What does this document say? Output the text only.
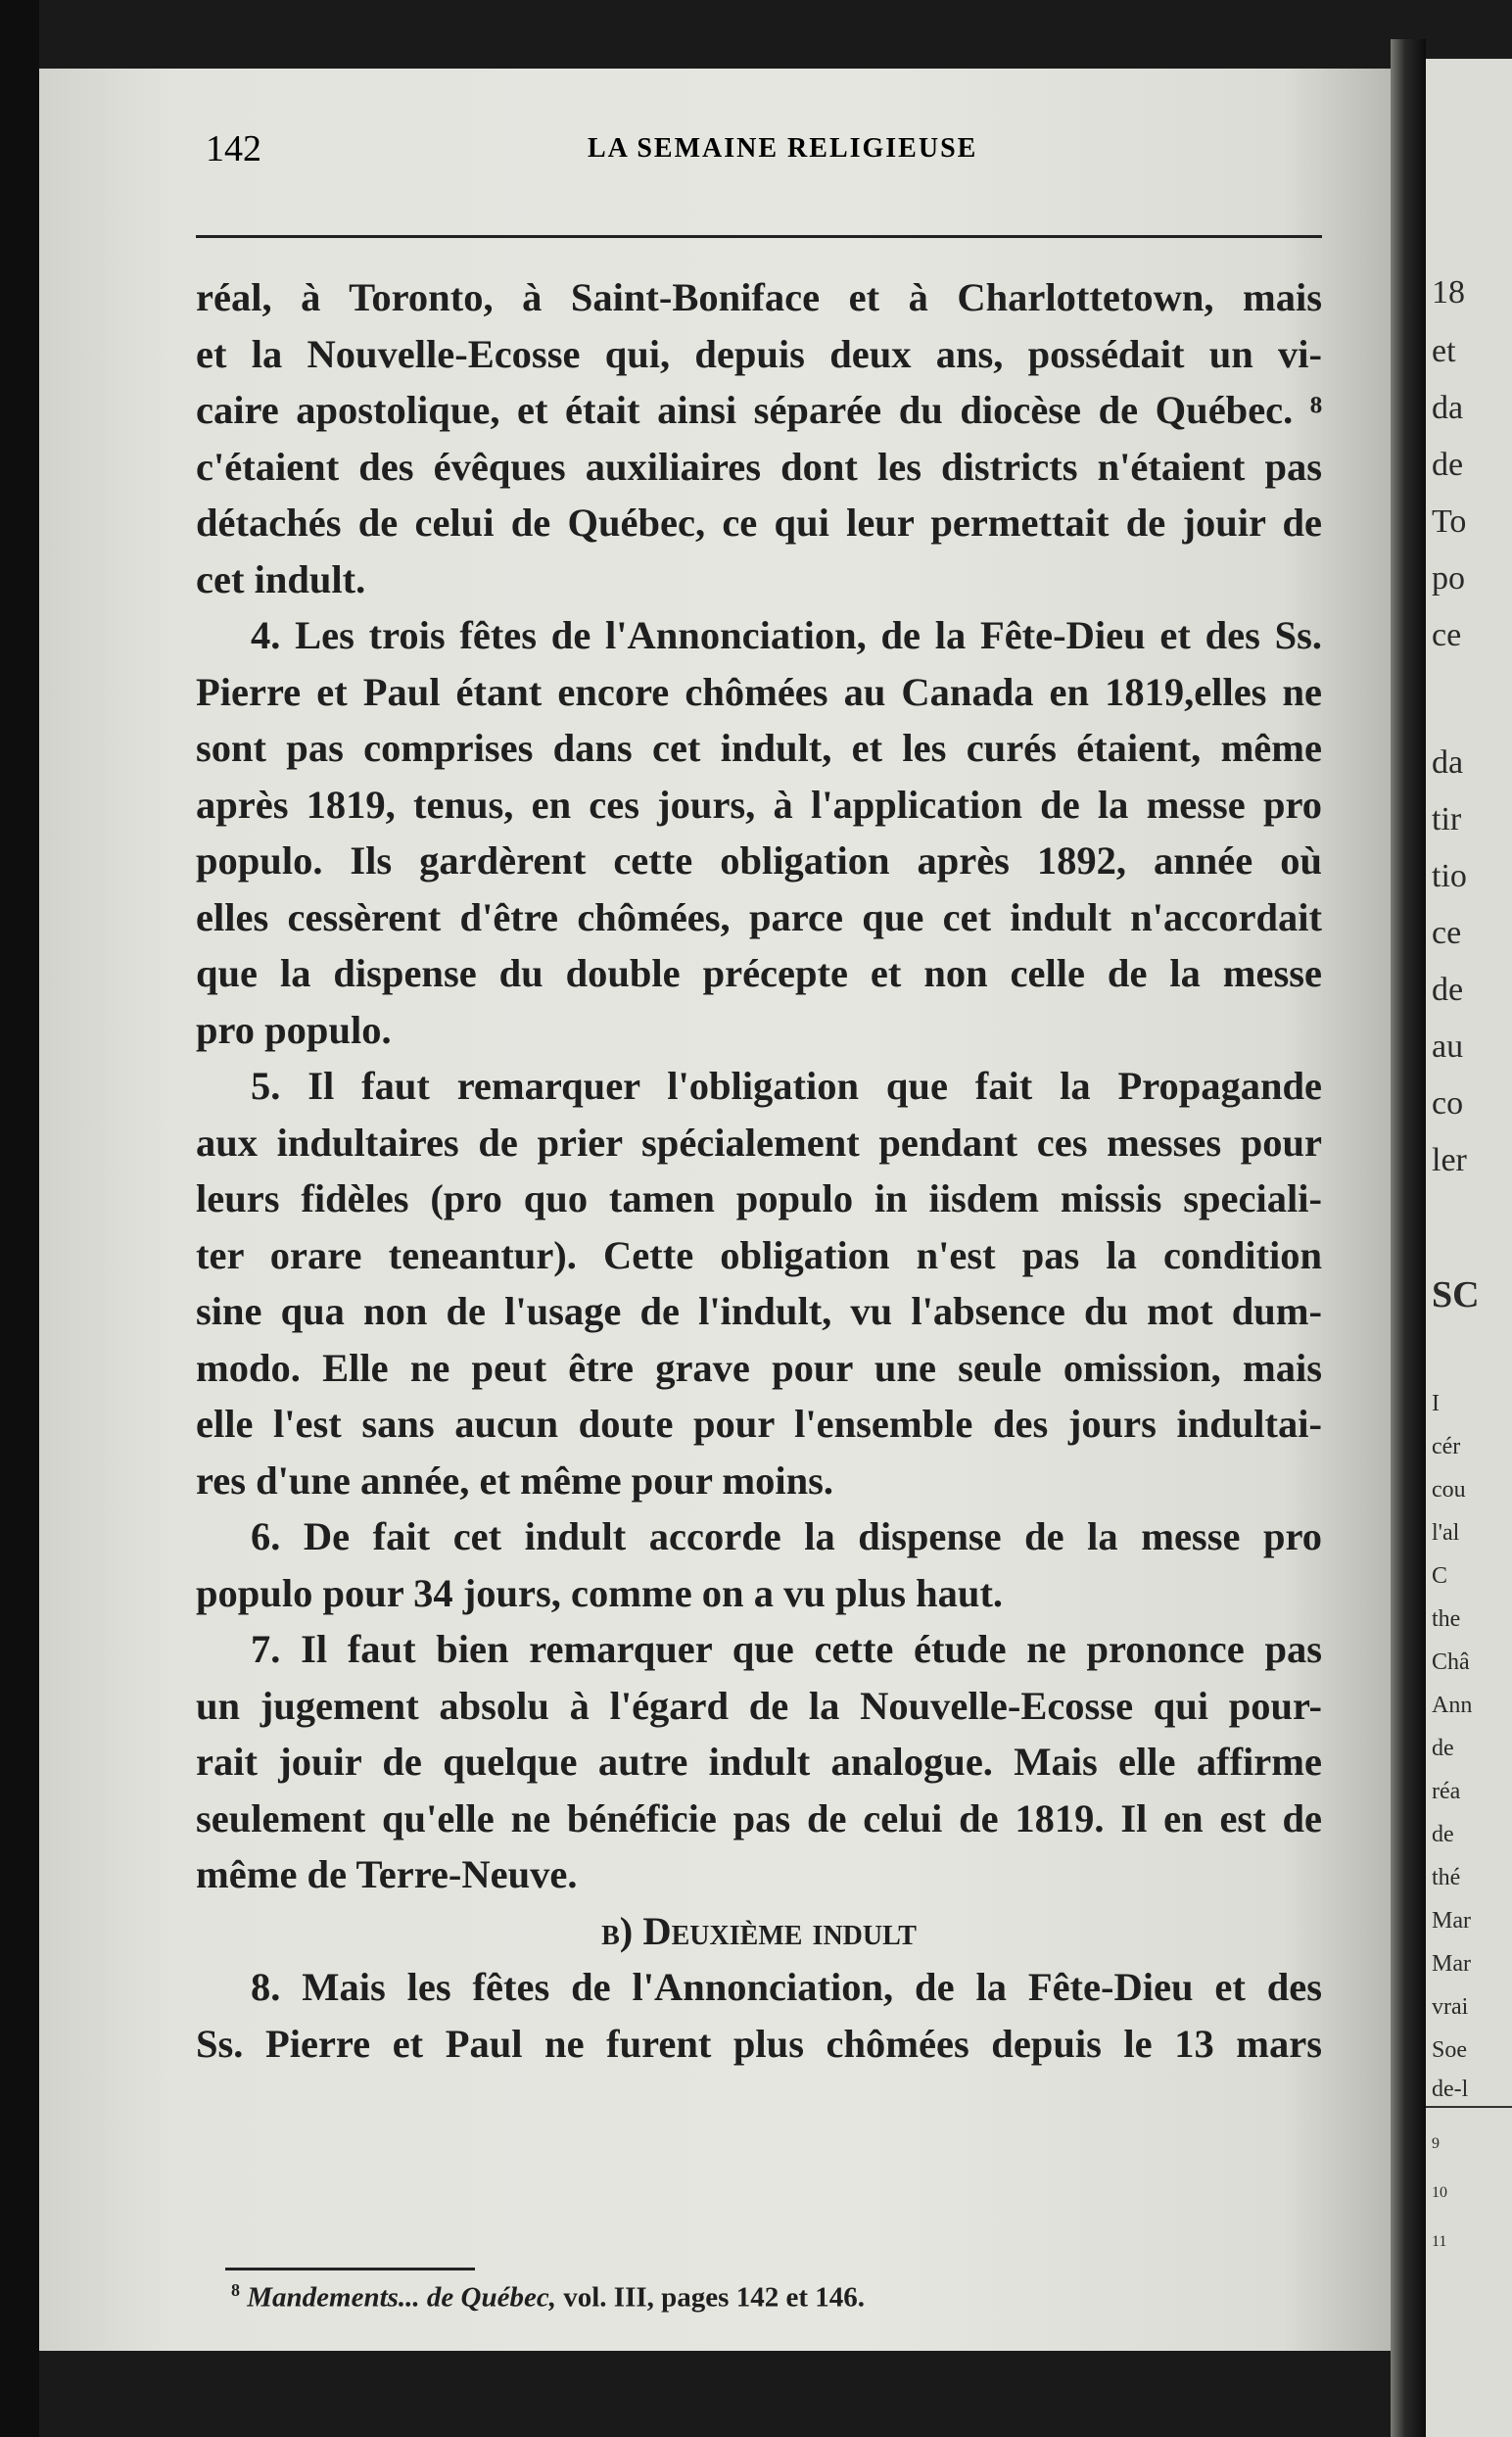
142	LA SEMAINE RELIGIEUSE
réal, à Toronto, à Saint-Boniface et à Charlottetown, mais
et la Nouvelle-Ecosse qui, depuis deux ans, possédait un vi-
caire apostolique, et était ainsi séparée du diocèse de Québec. ⁸
c'étaient des évêques auxiliaires dont les districts n'étaient pas
détachés de celui de Québec, ce qui leur permettait de jouir de
cet indult.
4. Les trois fêtes de l'Annonciation, de la Fête-Dieu et des Ss.
Pierre et Paul étant encore chômées au Canada en 1819,elles ne
sont pas comprises dans cet indult, et les curés étaient, même
après 1819, tenus, en ces jours, à l'application de la messe pro
populo. Ils gardèrent cette obligation après 1892, année où
elles cessèrent d'être chômées, parce que cet indult n'accordait
que la dispense du double précepte et non celle de la messe
pro populo.
5. Il faut remarquer l'obligation que fait la Propagande
aux indultaires de prier spécialement pendant ces messes pour
leurs fidèles (pro quo tamen populo in iisdem missis speciali-
ter orare teneantur). Cette obligation n'est pas la condition
sine qua non de l'usage de l'indult, vu l'absence du mot dum-
modo. Elle ne peut être grave pour une seule omission, mais
elle l'est sans aucun doute pour l'ensemble des jours indultai-
res d'une année, et même pour moins.
6. De fait cet indult accorde la dispense de la messe pro
populo pour 34 jours, comme on a vu plus haut.
7. Il faut bien remarquer que cette étude ne prononce pas
un jugement absolu à l'égard de la Nouvelle-Ecosse qui pour-
rait jouir de quelque autre indult analogue. Mais elle affirme
seulement qu'elle ne bénéficie pas de celui de 1819. Il en est de
même de Terre-Neuve.
b) Deuxième indult
8. Mais les fêtes de l'Annonciation, de la Fête-Dieu et des
Ss. Pierre et Paul ne furent plus chômées depuis le 13 mars
$^8$ Mandements... de Québec, vol. III, pages 142 et 146.
18
et
da
de
To
po
ce
da
tir
tio
ce
de
au
co
ler
SC
I
cér
cou
l'al
C
the
Châ
Ann
de
réa
de
thé
Mar
Mar
vrai
Soe
de-l
9
10
11
